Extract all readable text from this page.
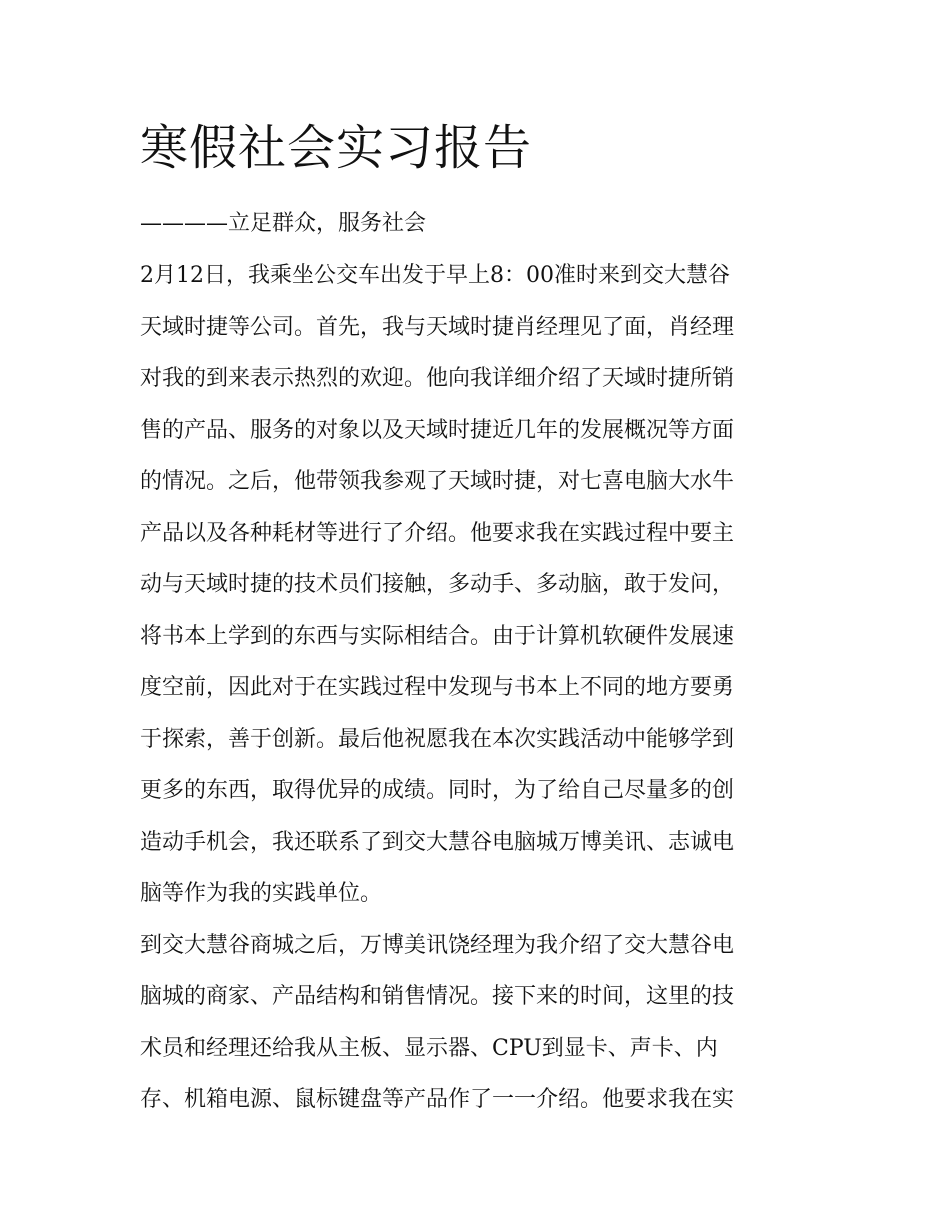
寒假社会实习报告
————立足群众，服务社会

2月12日，我乘坐公交车出发于早上8：00准时来到交大慧谷

天域时捷等公司。首先，我与天域时捷肖经理见了面，肖经理

对我的到来表示热烈的欢迎。他向我详细介绍了天域时捷所销

售的产品、服务的对象以及天域时捷近几年的发展概况等方面

的情况。之后，他带领我参观了天域时捷，对七喜电脑大水牛

产品以及各种耗材等进行了介绍。他要求我在实践过程中要主

动与天域时捷的技术员们接触，多动手、多动脑，敢于发问，

将书本上学到的东西与实际相结合。由于计算机软硬件发展速

度空前，因此对于在实践过程中发现与书本上不同的地方要勇

于探索，善于创新。最后他祝愿我在本次实践活动中能够学到

更多的东西，取得优异的成绩。同时，为了给自己尽量多的创

造动手机会，我还联系了到交大慧谷电脑城万博美讯、志诚电

脑等作为我的实践单位。

到交大慧谷商城之后，万博美讯饶经理为我介绍了交大慧谷电

脑城的商家、产品结构和销售情况。接下来的时间，这里的技

术员和经理还给我从主板、显示器、CPU到显卡、声卡、内

存、机箱电源、鼠标键盘等产品作了一一介绍。他要求我在实
